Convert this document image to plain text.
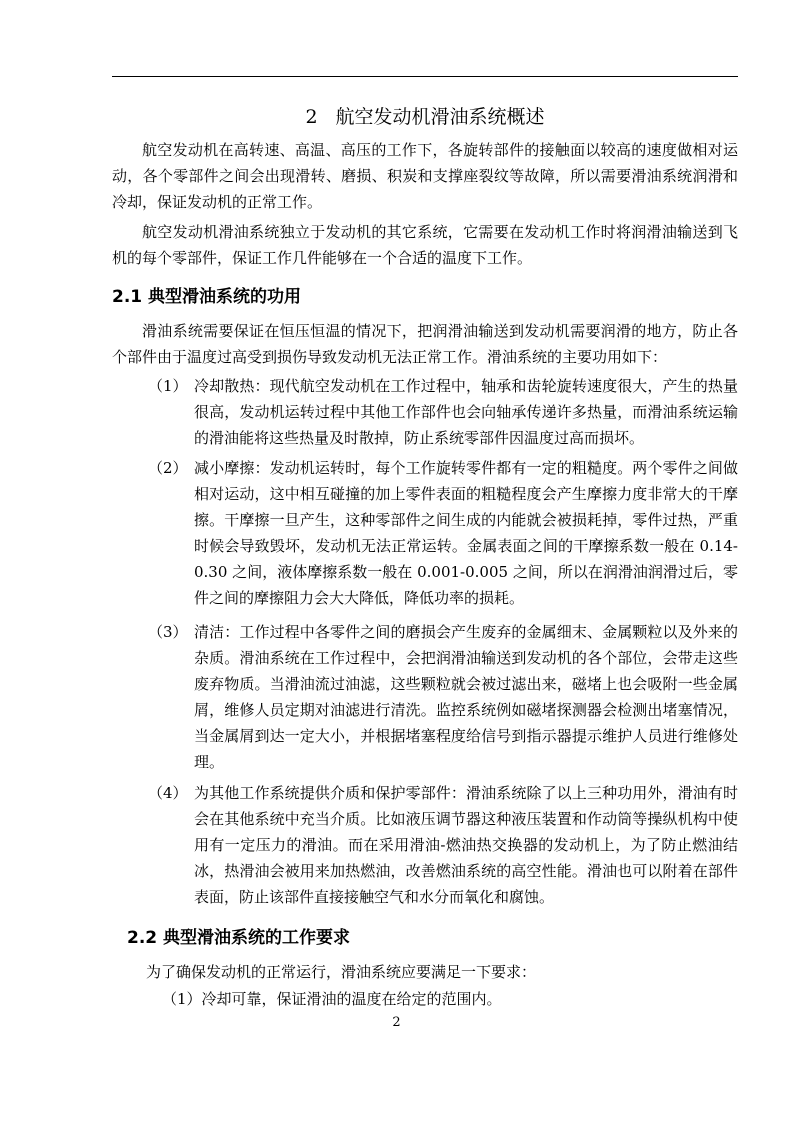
2 航空发动机滑油系统概述

航空发动机在高转速、高温、高压的工作下，各旋转部件的接触面以较高的速度做相对运动，各个零部件之间会出现滑转、磨损、积炭和支撑座裂纹等故障，所以需要滑油系统润滑和冷却，保证发动机的正常工作。

航空发动机滑油系统独立于发动机的其它系统，它需要在发动机工作时将润滑油输送到飞机的每个零部件，保证工作几件能够在一个合适的温度下工作。

2.1 典型滑油系统的功用

滑油系统需要保证在恒压恒温的情况下，把润滑油输送到发动机需要润滑的地方，防止各个部件由于温度过高受到损伤导致发动机无法正常工作。滑油系统的主要功用如下：

（1） 冷却散热：现代航空发动机在工作过程中，轴承和齿轮旋转速度很大，产生的热量很高，发动机运转过程中其他工作部件也会向轴承传递许多热量，而滑油系统运输的滑油能将这些热量及时散掉，防止系统零部件因温度过高而损坏。
（2） 减小摩擦：发动机运转时，每个工作旋转零件都有一定的粗糙度。两个零件之间做相对运动，这中相互碰撞的加上零件表面的粗糙程度会产生摩擦力度非常大的干摩擦。干摩擦一旦产生，这种零部件之间生成的内能就会被损耗掉，零件过热，严重时候会导致毁坏，发动机无法正常运转。金属表面之间的干摩擦系数一般在 0.14-0.30 之间，液体摩擦系数一般在 0.001-0.005 之间，所以在润滑油润滑过后，零件之间的摩擦阻力会大大降低，降低功率的损耗。
（3） 清洁：工作过程中各零件之间的磨损会产生废弃的金属细末、金属颗粒以及外来的杂质。滑油系统在工作过程中，会把润滑油输送到发动机的各个部位，会带走这些废弃物质。当滑油流过油滤，这些颗粒就会被过滤出来，磁堵上也会吸附一些金属屑，维修人员定期对油滤进行清洗。监控系统例如磁堵探测器会检测出堵塞情况，当金属屑到达一定大小，并根据堵塞程度给信号到指示器提示维护人员进行维修处理。
（4） 为其他工作系统提供介质和保护零部件：滑油系统除了以上三种功用外，滑油有时会在其他系统中充当介质。比如液压调节器这种液压装置和作动筒等操纵机构中使用有一定压力的滑油。而在采用滑油-燃油热交换器的发动机上，为了防止燃油结冰，热滑油会被用来加热燃油，改善燃油系统的高空性能。滑油也可以附着在部件表面，防止该部件直接接触空气和水分而氧化和腐蚀。
2.2 典型滑油系统的工作要求

为了确保发动机的正常运行，滑油系统应要满足一下要求：

（1）冷却可靠，保证滑油的温度在给定的范围内。

2
